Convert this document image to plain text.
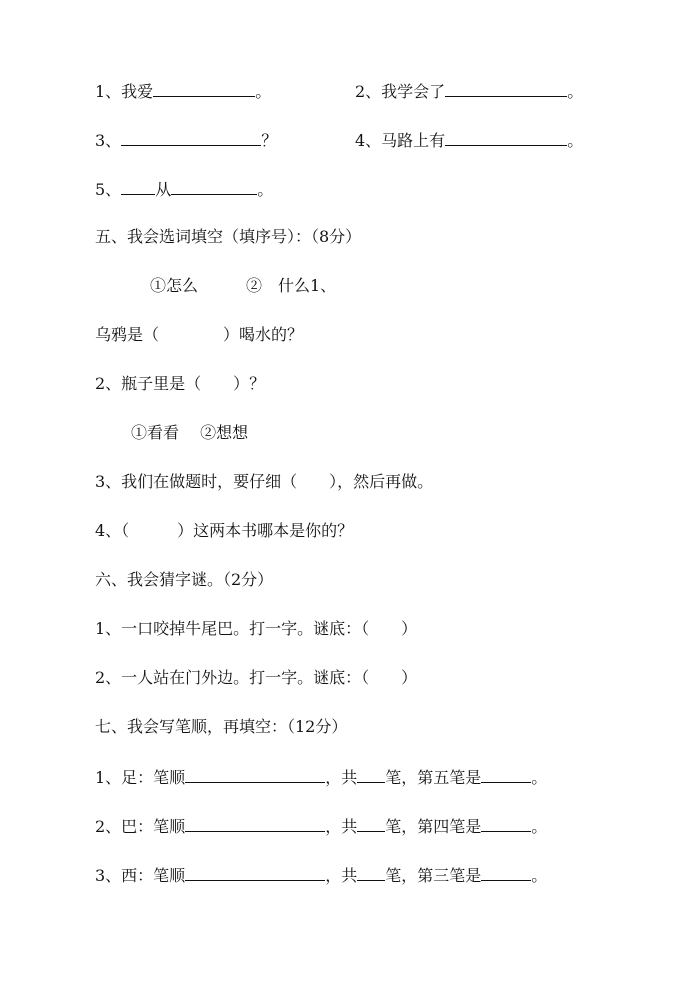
1、我爱	。	2、我学会了	。
3、	？	4、马路上有	。
5、 从	。
五、我会选词填空（填序号）：（8分）
①怎么　　　②　什么1、
乌鸦是（　　　　）喝水的？
2、瓶子里是（　　）？
①看看　 ②想想
3、我们在做题时，要仔细（　　），然后再做。
4、（　　　）这两本书哪本是你的？
六、我会猜字谜。（2分）
1、一口咬掉牛尾巴。打一字。谜底：（　　）
2、一人站在门外边。打一字。谜底：（　　）
七、我会写笔顺，再填空：（12分）
1、足：笔顺	，共 笔，第五笔是	。
2、巴：笔顺	，共 笔，第四笔是	。
3、西：笔顺	，共 笔，第三笔是	。
